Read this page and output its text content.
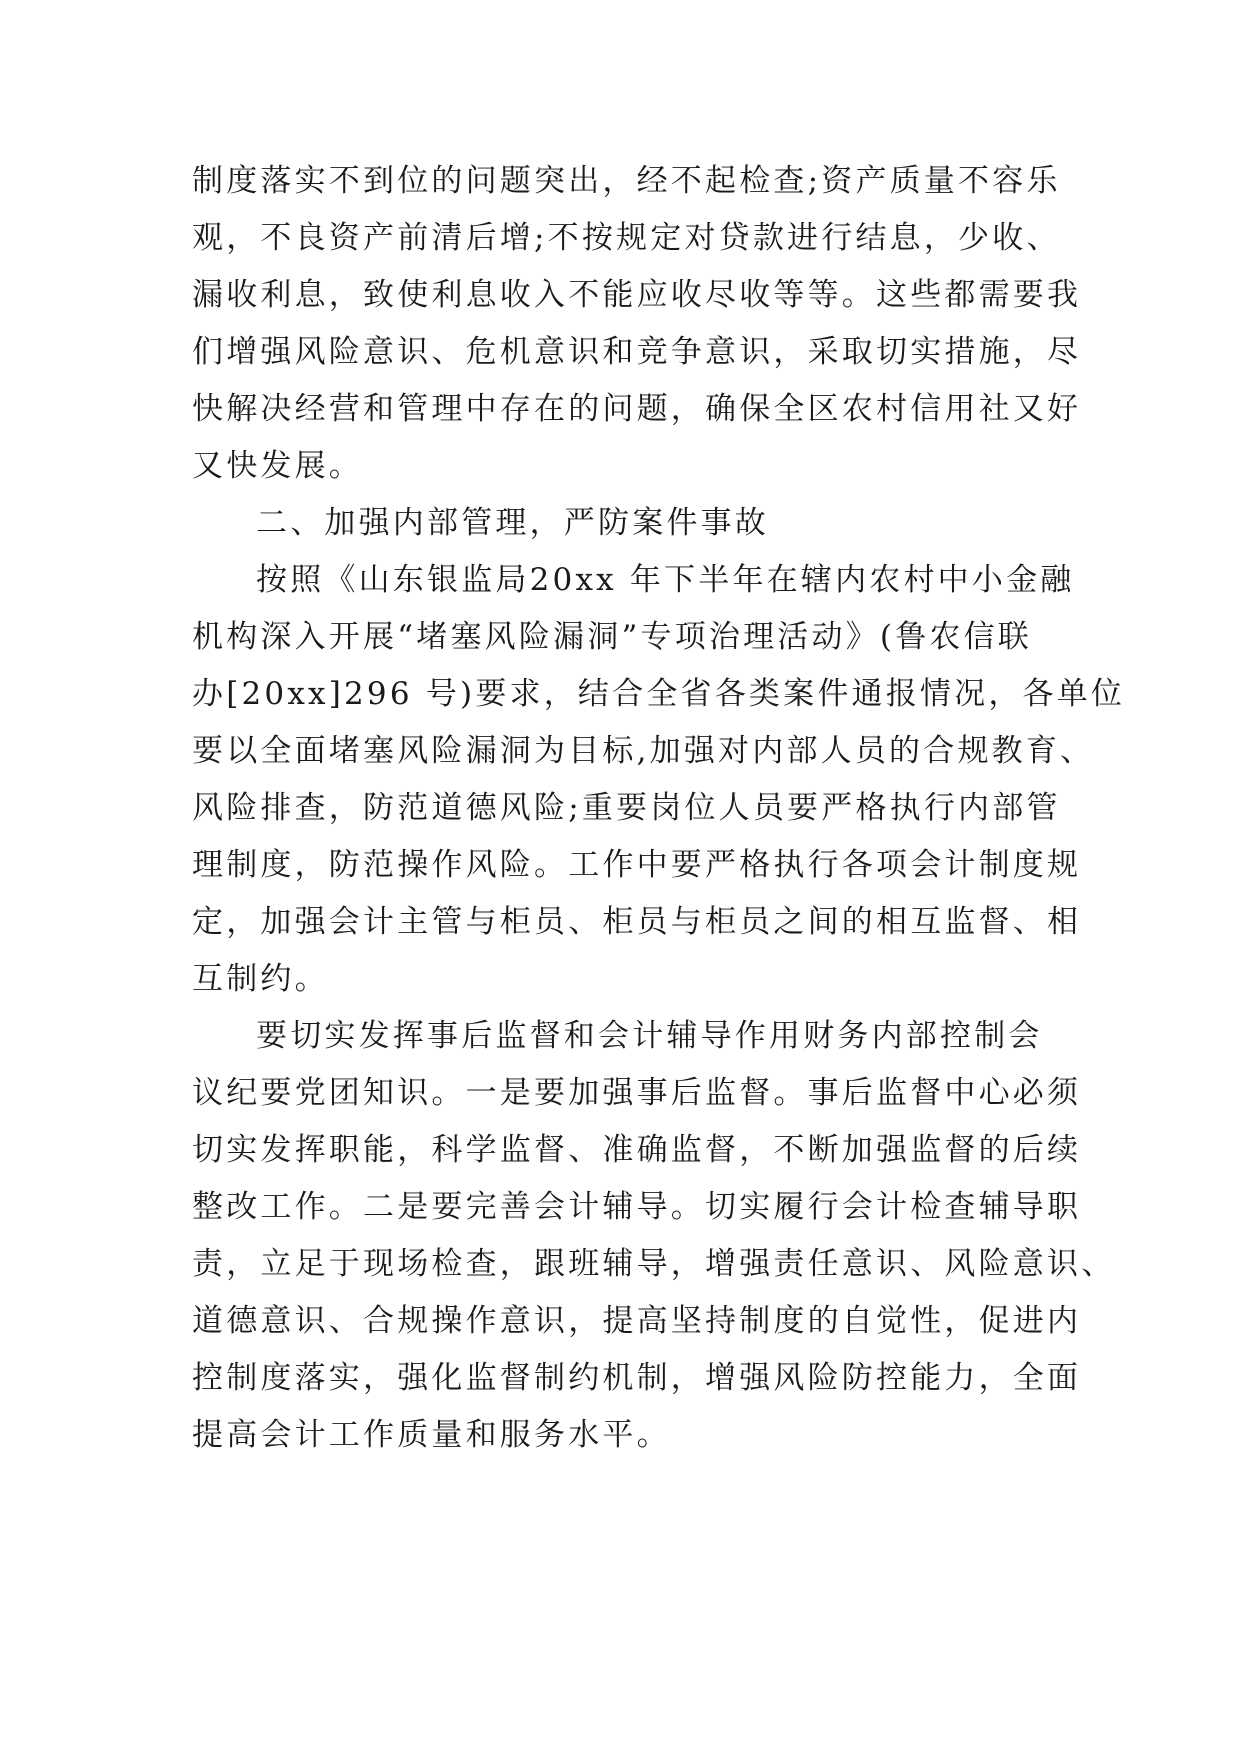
制度落实不到位的问题突出，经不起检查;资产质量不容乐
观，不良资产前清后增;不按规定对贷款进行结息，少收、
漏收利息，致使利息收入不能应收尽收等等。这些都需要我
们增强风险意识、危机意识和竞争意识，采取切实措施，尽
快解决经营和管理中存在的问题，确保全区农村信用社又好
又快发展。
二、加强内部管理，严防案件事故
按照《山东银监局20xx 年下半年在辖内农村中小金融
机构深入开展“堵塞风险漏洞”专项治理活动》(鲁农信联
办[20xx]296 号)要求，结合全省各类案件通报情况，各单位
要以全面堵塞风险漏洞为目标,加强对内部人员的合规教育、
风险排查，防范道德风险;重要岗位人员要严格执行内部管
理制度，防范操作风险。工作中要严格执行各项会计制度规
定，加强会计主管与柜员、柜员与柜员之间的相互监督、相
互制约。
要切实发挥事后监督和会计辅导作用财务内部控制会
议纪要党团知识。一是要加强事后监督。事后监督中心必须
切实发挥职能，科学监督、准确监督，不断加强监督的后续
整改工作。二是要完善会计辅导。切实履行会计检查辅导职
责，立足于现场检查，跟班辅导，增强责任意识、风险意识、
道德意识、合规操作意识，提高坚持制度的自觉性，促进内
控制度落实，强化监督制约机制，增强风险防控能力，全面
提高会计工作质量和服务水平。
